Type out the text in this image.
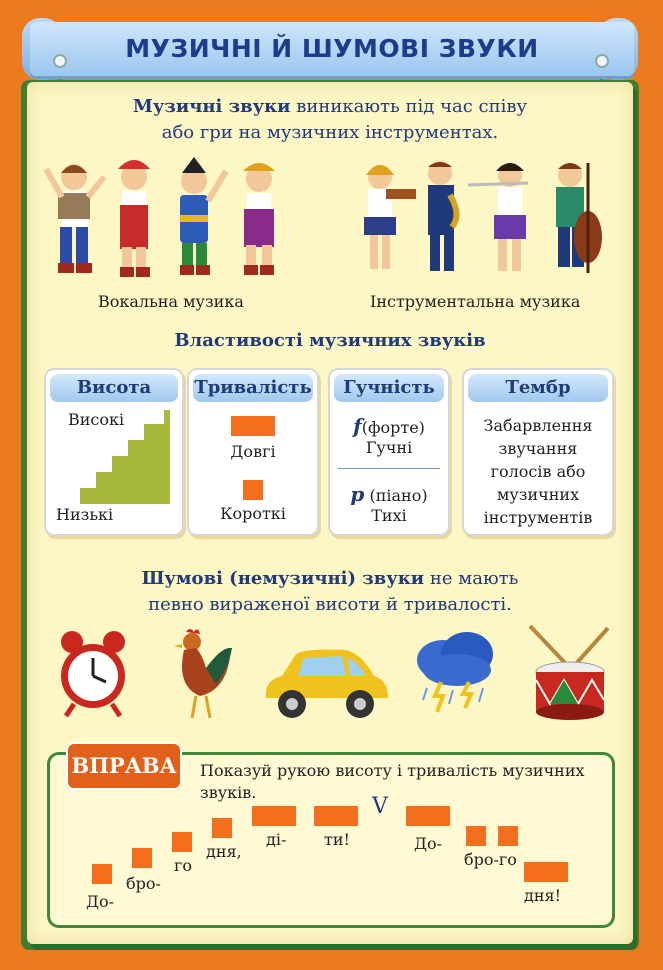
МУЗИЧНІ Й ШУМОВІ ЗВУКИ
Музичні звуки виникають під час співу
або гри на музичних інструментах.
Вокальна музика	Інструментальна музика
Властивості музичних звуків
Висота
Високі
Низькі
Тривалість
Довгі
Короткі
Гучність
f(форте)
Гучні
p (піано)
Тихі
Тембр
Забарвлення
звучання
голосів або
музичних
інструментів
Шумові (немузичні) звуки не мають
певно вираженої висоти й тривалості.
ВПРАВА	Показуй рукою висоту і тривалість музичних
звуків.
До-
бро-
го
дня,
ді- ти!
V
До-
бро-го
дня!
